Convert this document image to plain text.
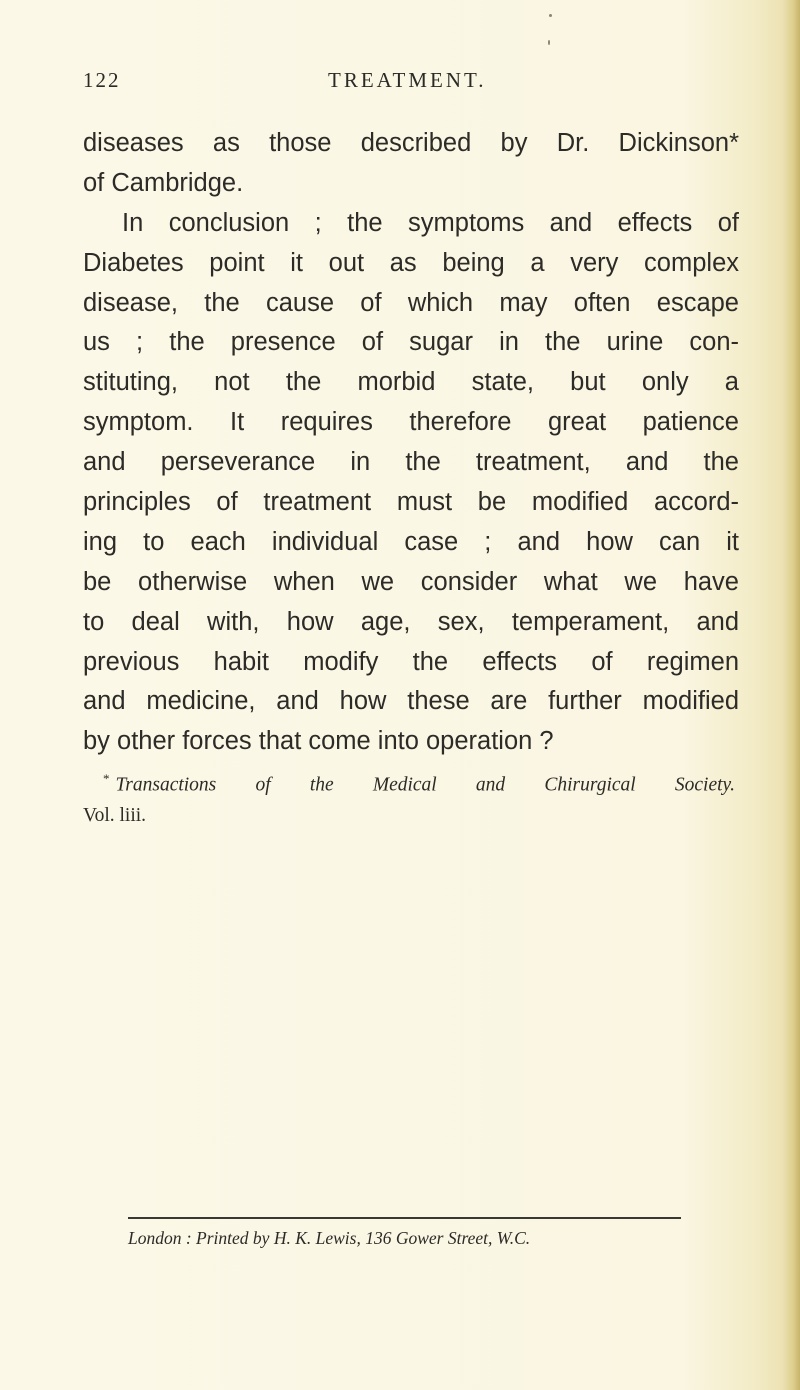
122	TREATMENT.
diseases as those described by Dr. Dickinson*
of Cambridge.
In conclusion ; the symptoms and effects of
Diabetes point it out as being a very complex
disease, the cause of which may often escape
us ; the presence of sugar in the urine con-
stituting, not the morbid state, but only a
symptom. It requires therefore great patience
and perseverance in the treatment, and the
principles of treatment must be modified accord-
ing to each individual case ; and how can it
be otherwise when we consider what we have
to deal with, how age, sex, temperament, and
previous habit modify the effects of regimen
and medicine, and how these are further modified
by other forces that come into operation ?
* Transactions of the Medical and Chirurgical Society.
Vol. liii.
London : Printed by H. K. Lewis, 136 Gower Street, W.C.
